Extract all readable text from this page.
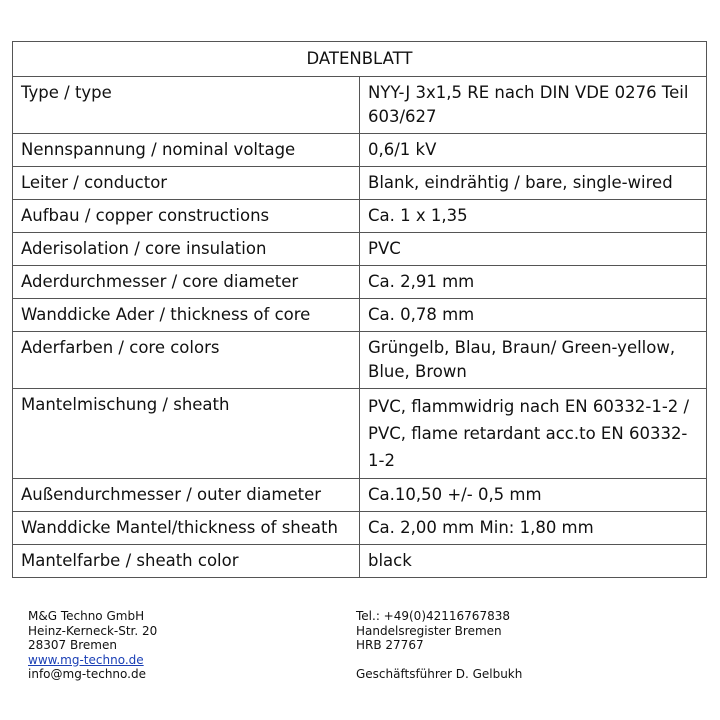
DATENBLATT	
Type / type	NYY-J 3x1,5 RE nach DIN VDE 0276 Teil 603/627
Nennspannung / nominal voltage	0,6/1 kV
Leiter / conductor	Blank, eindrähtig / bare, single-wired
Aufbau / copper constructions	Ca. 1 x 1,35
Aderisolation / core insulation	PVC
Aderdurchmesser / core diameter	Ca. 2,91 mm
Wanddicke Ader / thickness of core	Ca. 0,78 mm
Aderfarben / core colors	Grüngelb, Blau, Braun/ Green-yellow, Blue, Brown
Mantelmischung / sheath	PVC, flammwidrig nach EN 60332-1-2 / PVC, flame retardant acc.to EN 60332-1-2
Außendurchmesser / outer diameter	Ca.10,50 +/- 0,5 mm
Wanddicke Mantel/thickness of sheath	Ca. 2,00 mm Min: 1,80 mm
Mantelfarbe / sheath color	black
M&G Techno GmbH
Heinz-Kerneck-Str. 20
28307 Bremen
www.mg-techno.de
info@mg-techno.de
Tel.: +49(0)42116767838
Handelsregister Bremen
HRB 27767
Geschäftsführer D. Gelbukh
